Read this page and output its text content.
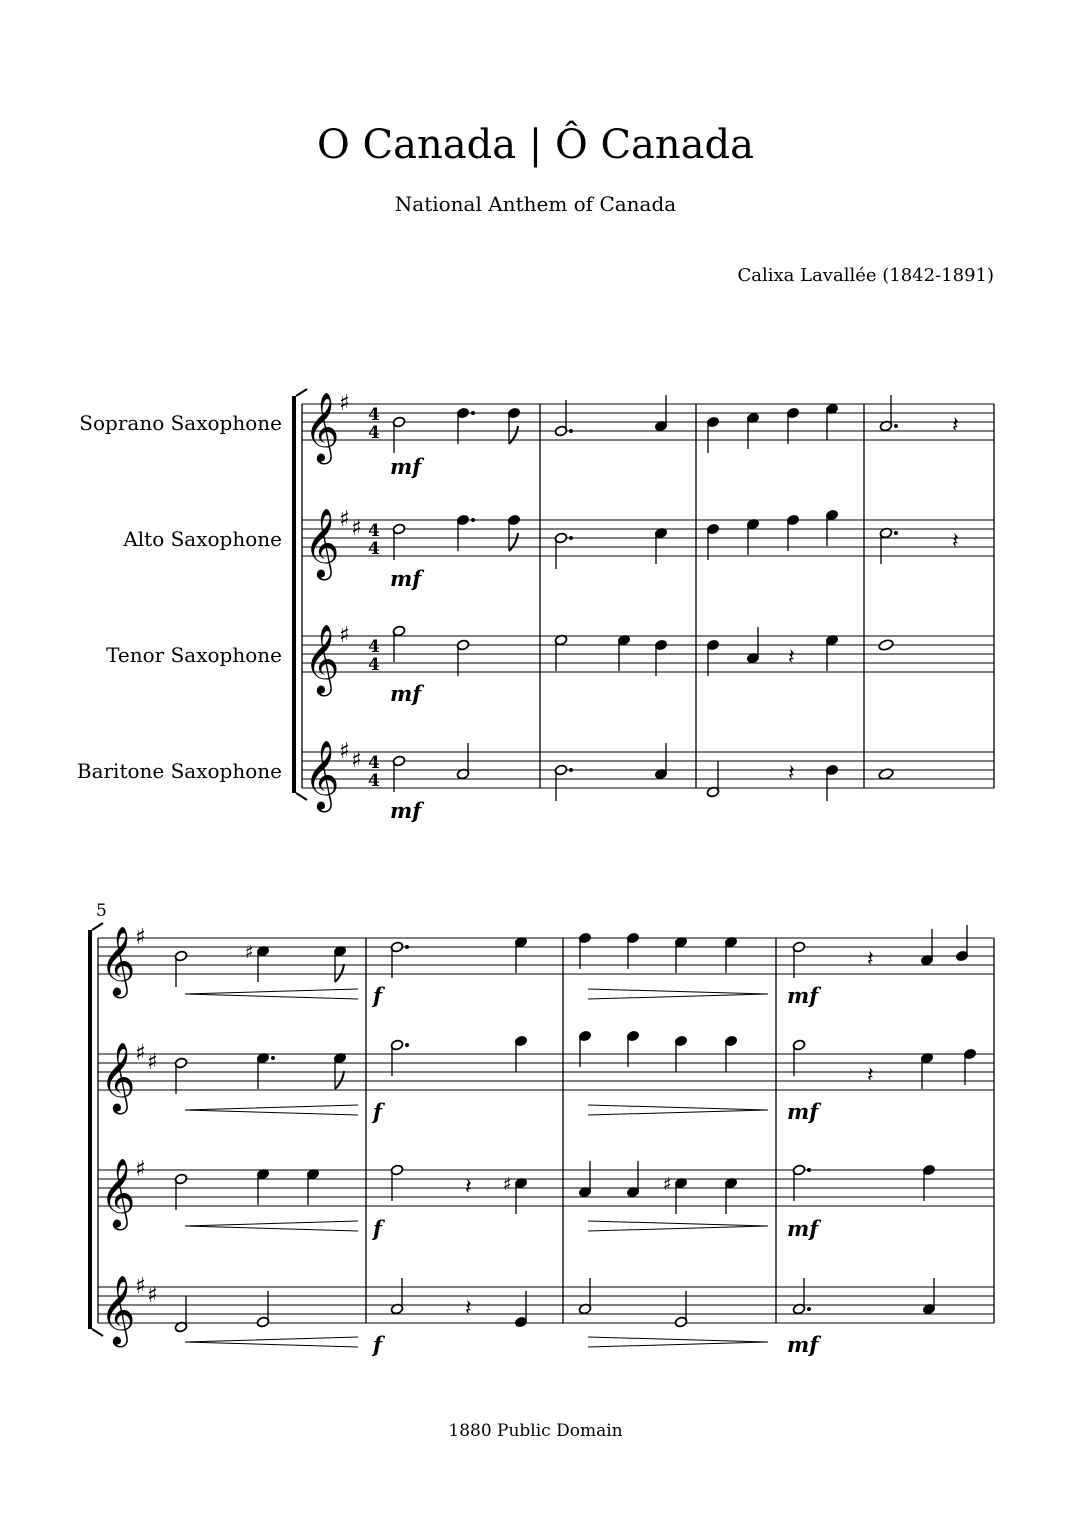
O Canada | Ô Canada
National Anthem of Canada
Calixa Lavallée (1842-1891)
Soprano Saxophone
Alto Saxophone
Tenor Saxophone
Baritone Saxophone
𝄞
𝄞
𝄞
𝄞
♯
♯ ♯
♯
♯ ♯
4
4
4
4
4
4
4
4
𝄽
𝄽
𝄽
𝄽
mf
mf
mf
mf
5
𝄞
𝄞
𝄞
𝄞
♯
♯ ♯
♯
♯ ♯
♯	𝄽
𝄽
𝄽 ♯	♯
𝄽
f
f
f
f
mf
mf
mf
mf
1880 Public Domain
